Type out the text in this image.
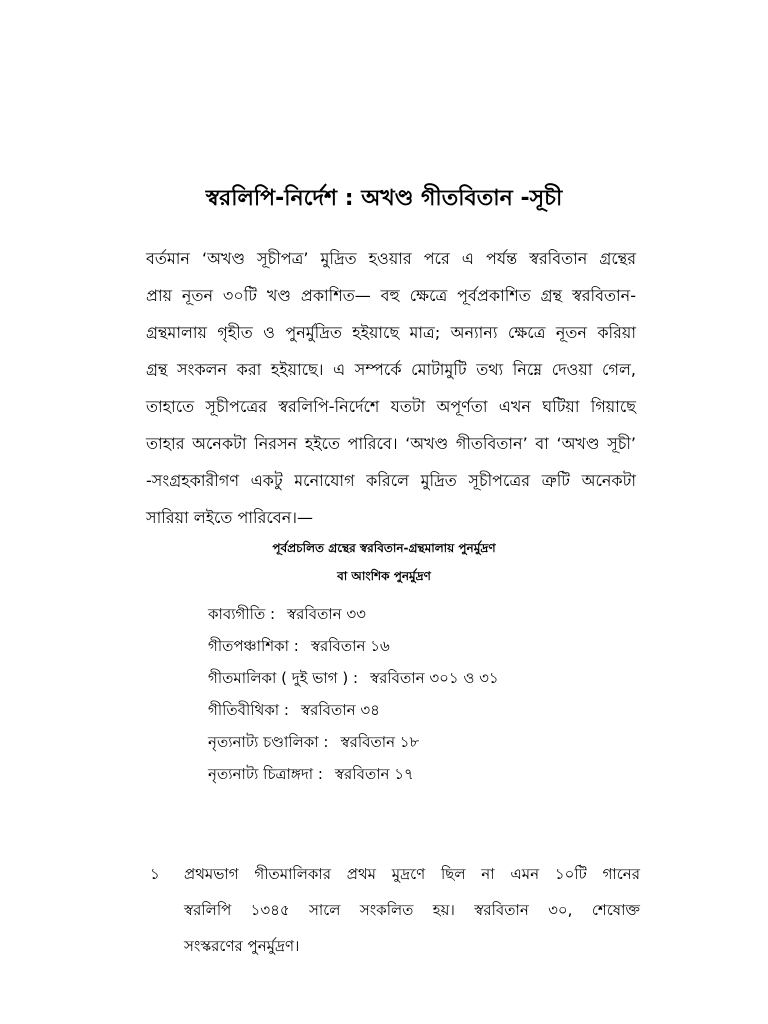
স্বরলিপি-নির্দেশ : অখণ্ড গীতবিতান -সূচী
বর্তমান ‘অখণ্ড সূচীপত্র’ মুদ্রিত হওয়ার পরে এ পর্যন্ত স্বরবিতান গ্রন্থের
প্রায় নূতন ৩০টি খণ্ড প্রকাশিত— বহু ক্ষেত্রে পূর্বপ্রকাশিত গ্রন্থ স্বরবিতান-
গ্রন্থমালায় গৃহীত ও পুনর্মুদ্রিত হইয়াছে মাত্র; অন্যান্য ক্ষেত্রে নূতন করিয়া
গ্রন্থ সংকলন করা হইয়াছে। এ সম্পর্কে মোটামুটি তথ্য নিম্নে দেওয়া গেল,
তাহাতে সূচীপত্রের স্বরলিপি-নির্দেশে যতটা অপূর্ণতা এখন ঘটিয়া গিয়াছে
তাহার অনেকটা নিরসন হইতে পারিবে। ‘অখণ্ড গীতবিতান’ বা ‘অখণ্ড সূচী’
-সংগ্রহকারীগণ একটু মনোযোগ করিলে মুদ্রিত সূচীপত্রের ত্রুটি অনেকটা
সারিয়া লইতে পারিবেন।—
পূর্বপ্রচলিত গ্রন্থের স্বরবিতান-গ্রন্থমালায় পুনর্মুদ্রণ
বা আংশিক পুনর্মুদ্রণ
কাব্যগীতি : স্বরবিতান ৩৩
গীতপঞ্চাশিকা : স্বরবিতান ১৬
গীতমালিকা ( দুই ভাগ ) : স্বরবিতান ৩০১ ও ৩১
গীতিবীথিকা : স্বরবিতান ৩৪
নৃত্যনাট্য চণ্ডালিকা : স্বরবিতান ১৮
নৃত্যনাট্য চিত্রাঙ্গদা : স্বরবিতান ১৭
১ প্রথমভাগ গীতমালিকার প্রথম মুদ্রণে ছিল না এমন ১০টি গানের
স্বরলিপি ১৩৪৫ সালে সংকলিত হয়। স্বরবিতান ৩০, শেষোক্ত
সংস্করণের পুনর্মুদ্রণ।
